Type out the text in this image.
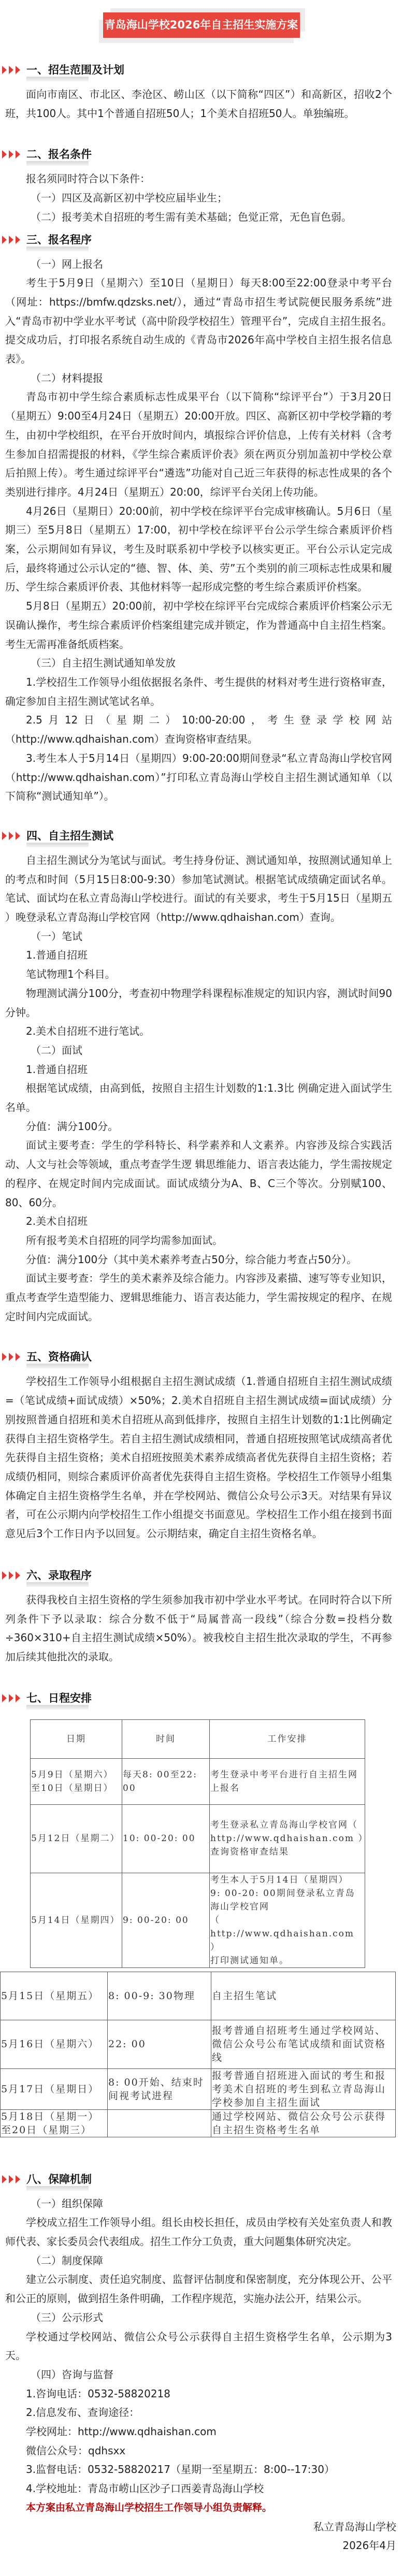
青岛海山学校2026年自主招生实施方案
一、招生范围及计划

面向市南区、市北区、李沧区、崂山区（以下简称“四区”）和高新区，招收2个班，共100人。其中1个普通自招班50人；1个美术自招班50人。单独编班。

二、报名条件

报名须同时符合以下条件：

（一）四区及高新区初中学校应届毕业生；

（二）报考美术自招班的考生需有美术基础；色觉正常，无色盲色弱。

三、报名程序

（一）网上报名

考生于5月9日（星期六）至10日（星期日）每天8:00至22:00登录中考平台（网址：https://bmfw.qdzsks.net/），通过“青岛市招生考试院便民服务系统”进入“青岛市初中学业水平考试（高中阶段学校招生）管理平台”，完成自主招生报名。提交成功后，打印报名系统自动生成的《青岛市2026年高中学校自主招生报名信息表》。

（二）材料提报

青岛市初中学生综合素质标志性成果平台（以下简称“综评平台”）于3月20日（星期五）9:00至4月24日（星期五）20:00开放。四区、高新区初中学校学籍的考生，由初中学校组织，在平台开放时间内，填报综合评价信息，上传有关材料（含考生参加自招需提报的材料，《学生综合素质评价表》须在两页分别加盖初中学校公章后拍照上传）。考生通过综评平台“遴选”功能对自己近三年获得的标志性成果的各个类别进行排序。4月24日（星期五）20:00，综评平台关闭上传功能。

4月26日（星期日）20:00前，初中学校在综评平台完成审核确认。5月6日（星期三）至5月8日（星期五）17:00，初中学校在综评平台公示学生综合素质评价档案，公示期间如有异议，考生及时联系初中学校予以核实更正。平台公示认定完成后，最终将通过公示认定的“德、智、体、美、劳”五个类别的前三项标志性成果和履历、学生综合素质评价表、其他材料等一起形成完整的考生综合素质评价档案。

5月8日（星期五）20:00前，初中学校在综评平台完成综合素质评价档案公示无误确认操作，考生综合素质评价档案组建完成并锁定，作为普通高中自主招生档案。考生无需再准备纸质档案。

（三）自主招生测试通知单发放

1.学校招生工作领导小组依据报名条件、考生提供的材料对考生进行资格审查，确定参加自主招生测试笔试名单。

2.5月12日（星期二）10:00-20:00，考生登录学校网站（http://www.qdhaishan.com）查询资格审查结果。

3.考生本人于5月14日（星期四）9:00-20:00期间登录“私立青岛海山学校官网（http://www.qdhaishan.com）”打印私立青岛海山学校自主招生测试通知单（以下简称“测试通知单”）。

四、自主招生测试

自主招生测试分为笔试与面试。考生持身份证、测试通知单，按照测试通知单上的考点和时间（5月15日8:00-9:30）参加笔试测试。根据笔试成绩确定面试名单。笔试、面试均在私立青岛海山学校进行。面试的有关要求，考生于5月15日（星期五 ）晚登录私立青岛海山学校官网（http://www.qdhaishan.com）查询。

（一）笔试

1.普通自招班

笔试物理1个科目。

物理测试满分100分，考查初中物理学科课程标准规定的知识内容，测试时间90分钟。

2.美术自招班不进行笔试。

（二）面试

1.普通自招班

根据笔试成绩，由高到低，按照自主招生计划数的1:1.3比 例确定进入面试学生名单。

分值：满分100分。

面试主要考查：学生的学科特长、科学素养和人文素养。内容涉及综合实践活动、人文与社会等领域，重点考查学生逻 辑思维能力、语言表达能力，学生需按规定的程序、在规定时间内完成面试。面试成绩分为A、B、C三个等次。分别赋100、80、60分。

2.美术自招班

所有报考美术自招班的同学均需参加面试。

分值：满分100分（其中美术素养考查占50分，综合能力考查占50分）。

面试主要考查：学生的美术素养及综合能力。内容涉及素描、速写等专业知识，重点考查学生造型能力、逻辑思维能力、语言表达能力，学生需按规定的程序、在规定时间内完成面试。

五、资格确认

学校招生工作领导小组根据自主招生测试成绩（1.普通自招班自主招生测试成绩=（笔试成绩+面试成绩）×50%；2.美术自招班自主招生测试成绩=面试成绩）分别按照普通自招班和美术自招班从高到低排序，按照自主招生计划数的1:1比例确定获得自主招生资格学生。若自主招生测试成绩相同，普通自招班按照笔试成绩高者优先获得自主招生资格；美术自招班按照美术素养成绩高者优先获得自主招生资格；若成绩仍相同，则综合素质评价高者优先获得自主招生资格。学校招生工作领导小组集体确定自主招生资格学生名单，并在学校网站、微信公众号公示3天。对结果有异议者，可在公示期内向学校招生工作小组提交书面意见。学校招生工作小组在接到书面意见后3个工作日内予以回复。公示期结束，确定自主招生资格名单。

六、录取程序

获得我校自主招生资格的学生须参加我市初中学业水平考试。在同时符合以下所列条件下予以录取：综合分数不低于“局属普高一段线”（综合分数=投档分数÷360×310+自主招生测试成绩×50%）。被我校自主招生批次录取的学生，不再参加后续其他批次的录取。

七、日程安排
日期	时间	工作安排
5月9日（星期六）
至10日（星期日）	每天8: 00至22: 00	考生登录中考平台进行自主招生网上报名
5月12日（星期二）	10: 00-20: 00	考生登录私立青岛海山学校官网（ http://www.qdhaishan.com ）查询资格审查结果
5月14日（星期四）	9: 00-20: 00	考生本人于5月14日（星期四）
9: 00-20: 00期间登录私立青岛海山学校官网
（ http://www.qdhaishan.com ）
打印测试通知单。
5月15日（星期五）	8: 00-9: 30物理	自主招生笔试
5月16日（星期六）	22: 00	报考普通自招班考生通过学校网站、微信公众号公布笔试成绩和面试资格线
5月17日（星期日）	8: 00开始、结束时间视考试进程	报考普通自招班进入面试的考生和报考美术自招班的考生到私立青岛海山学校参加自主招生面试
5月18日（星期一）
至20日（星期三）		通过学校网站、微信公众号公示获得自主招生资格考生名单
八、保障机制

（一）组织保障

学校成立招生工作领导小组。组长由校长担任，成员由学校有关处室负责人和教师代表、家长委员会代表组成。招生工作分工负责，重大问题集体研究决定。

（二）制度保障

建立公示制度、责任追究制度、监督评估制度和保密制度，充分体现公开、公平和公正的原则，做到招生条件明确，工作程序规范，实施办法公开，结果公示。

（三）公示形式

学校通过学校网站、微信公众号公示获得自主招生资格学生名单，公示期为3天。

（四）咨询与监督

1.咨询电话：0532-58820218

2.信息发布、查询途径：

学校网址：http://www.qdhaishan.com

微信公众号：qdhsxx

3.监督电话：0532-58820217（星期一至星期五：8:00--17:30）

4.学校地址：青岛市崂山区沙子口西姜青岛海山学校

本方案由私立青岛海山学校招生工作领导小组负责解释。

私立青岛海山学校

2026年4月
